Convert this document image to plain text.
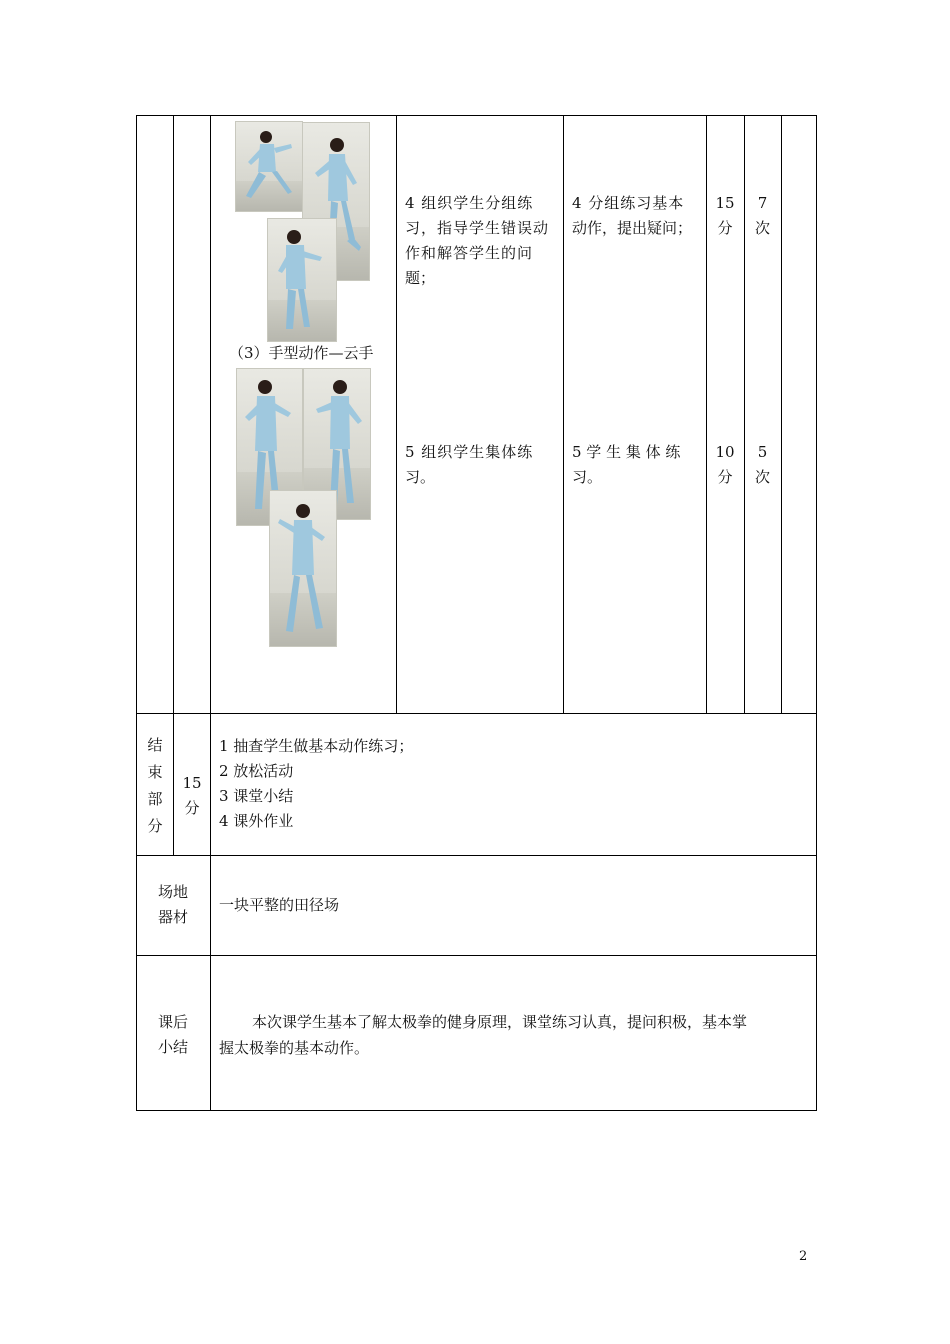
（3）手型动作—云手
4 组织学生分组练
习，指导学生错误动
作和解答学生的问
题；
4 分组练习基本
动作，提出疑问；
15
分
7
次
5 组织学生集体练
习。
5 学 生 集 体 练
习。
10
分
5
次
结
束
部
分
15
分
1 抽查学生做基本动作练习；
2 放松活动
3 课堂小结
4 课外作业
场地
器材
一块平整的田径场
课后
小结
本次课学生基本了解太极拳的健身原理，课堂练习认真，提问积极，基本掌
握太极拳的基本动作。
2
